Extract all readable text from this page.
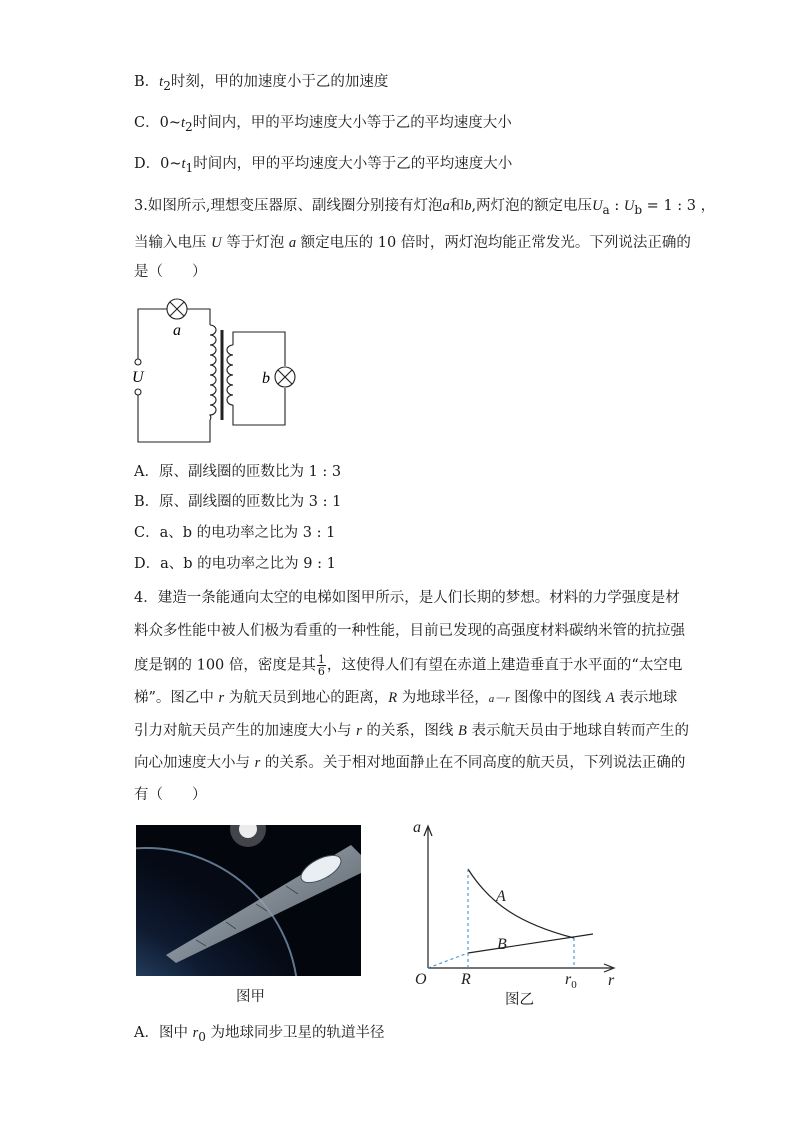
B．$t_2$时刻，甲的加速度小于乙的加速度
C．$0\sim t_2$时间内，甲的平均速度大小等于乙的平均速度大小
D．$0\sim t_1$时间内，甲的平均速度大小等于乙的平均速度大小
3.如图所示,理想变压器原、副线圈分别接有灯泡a和b,两灯泡的额定电压$U_a$ : $U_b = 1$ : 3 ，
当输入电压 U 等于灯泡 a 额定电压的 10 倍时，两灯泡均能正常发光。下列说法正确的
是（　　）
a
b
U
A．原、副线圈的匝数比为 1 : 3
B．原、副线圈的匝数比为 3 : 1
C．a、b 的电功率之比为 3 : 1
D．a、b 的电功率之比为 9 : 1
4．建造一条能通向太空的电梯如图甲所示，是人们长期的梦想。材料的力学强度是材
料众多性能中被人们极为看重的一种性能，目前已发现的高强度材料碳纳米管的抗拉强
度是钢的 100 倍，密度是其 $\frac{1}{6}$ ，这使得人们有望在赤道上建造垂直于水平面的“太空电
梯”。图乙中 r 为航天员到地心的距离，R 为地球半径，a－r 图像中的图线 A 表示地球
引力对航天员产生的加速度大小与 r 的关系，图线 B 表示航天员由于地球自转而产生的
向心加速度大小与 r 的关系。关于相对地面静止在不同高度的航天员，下列说法正确的
有（　　）
图甲
a
r
O R	$r_0$
A
B
图乙
A．图中 $r_0$ 为地球同步卫星的轨道半径
